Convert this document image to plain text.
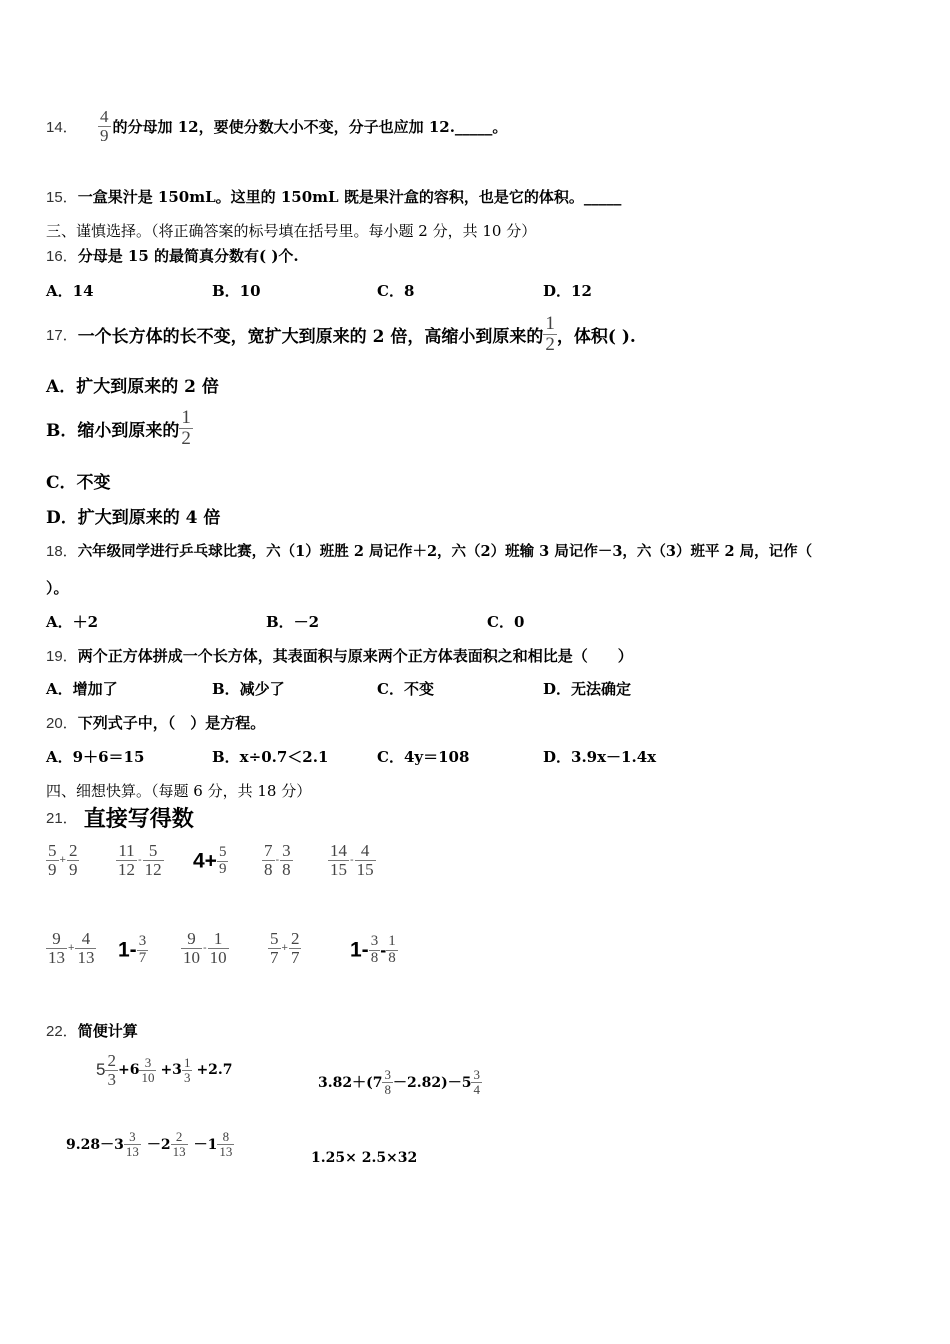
14．	$\frac{4}{9}$ 的分母加 12，要使分数大小不变，分子也应加 12._____。
15．一盒果汁是 150mL。这里的 150mL 既是果汁盒的容积，也是它的体积。_____
三、谨慎选择。（将正确答案的标号填在括号里。每小题 2 分，共 10 分）
16．分母是 15 的最简真分数有( )个.
A．14	B．10	C．8	D．12
17． 一个长方体的长不变，宽扩大到原来的 2 倍，高缩小到原来的 $\frac{1}{2}$ ，体积( ).
A．扩大到原来的 2 倍
B．缩小到原来的 $\frac{1}{2}$
C．不变
D．扩大到原来的 4 倍
18．六年级同学进行乒乓球比赛，六（1）班胜 2 局记作＋2，六（2）班输 3 局记作－3，六（3）班平 2 局，记作（
）。
A．＋2	B．－2	C．0
19．两个正方体拼成一个长方体，其表面积与原来两个正方体表面积之和相比是（　　）
A．增加了	B．减少了	C．不变	D．无法确定
20．下列式子中，（　）是方程。
A．9＋6＝15	B．x÷0.7＜2.1	C．4y＝108	D．3.9x－1.4x
四、细想快算。（每题 6 分，共 18 分）
21． 直接写得数
$\frac{5}{9} + \frac{2}{9} \frac{11}{12} - \frac{5}{12} 4+ \frac{5}{9} \frac{7}{8} - \frac{3}{8} \frac{14}{15} - \frac{4}{15}$
$\frac{9}{13} + \frac{4}{13} 1- \frac{3}{7} \frac{9}{10} - \frac{1}{10} \frac{5}{7} + \frac{2}{7} 1- \frac{3}{8} - \frac{1}{8}$
22．简便计算
$5 \frac{2}{3} +6 \frac{3}{10} +3 \frac{1}{3} +2.7$
$3.82+(7 \frac{3}{8} -2.82)-5 \frac{3}{4}$
$9.28-3 \frac{3}{13} -2 \frac{2}{13} -1 \frac{8}{13}$	1.25× 2.5×32
